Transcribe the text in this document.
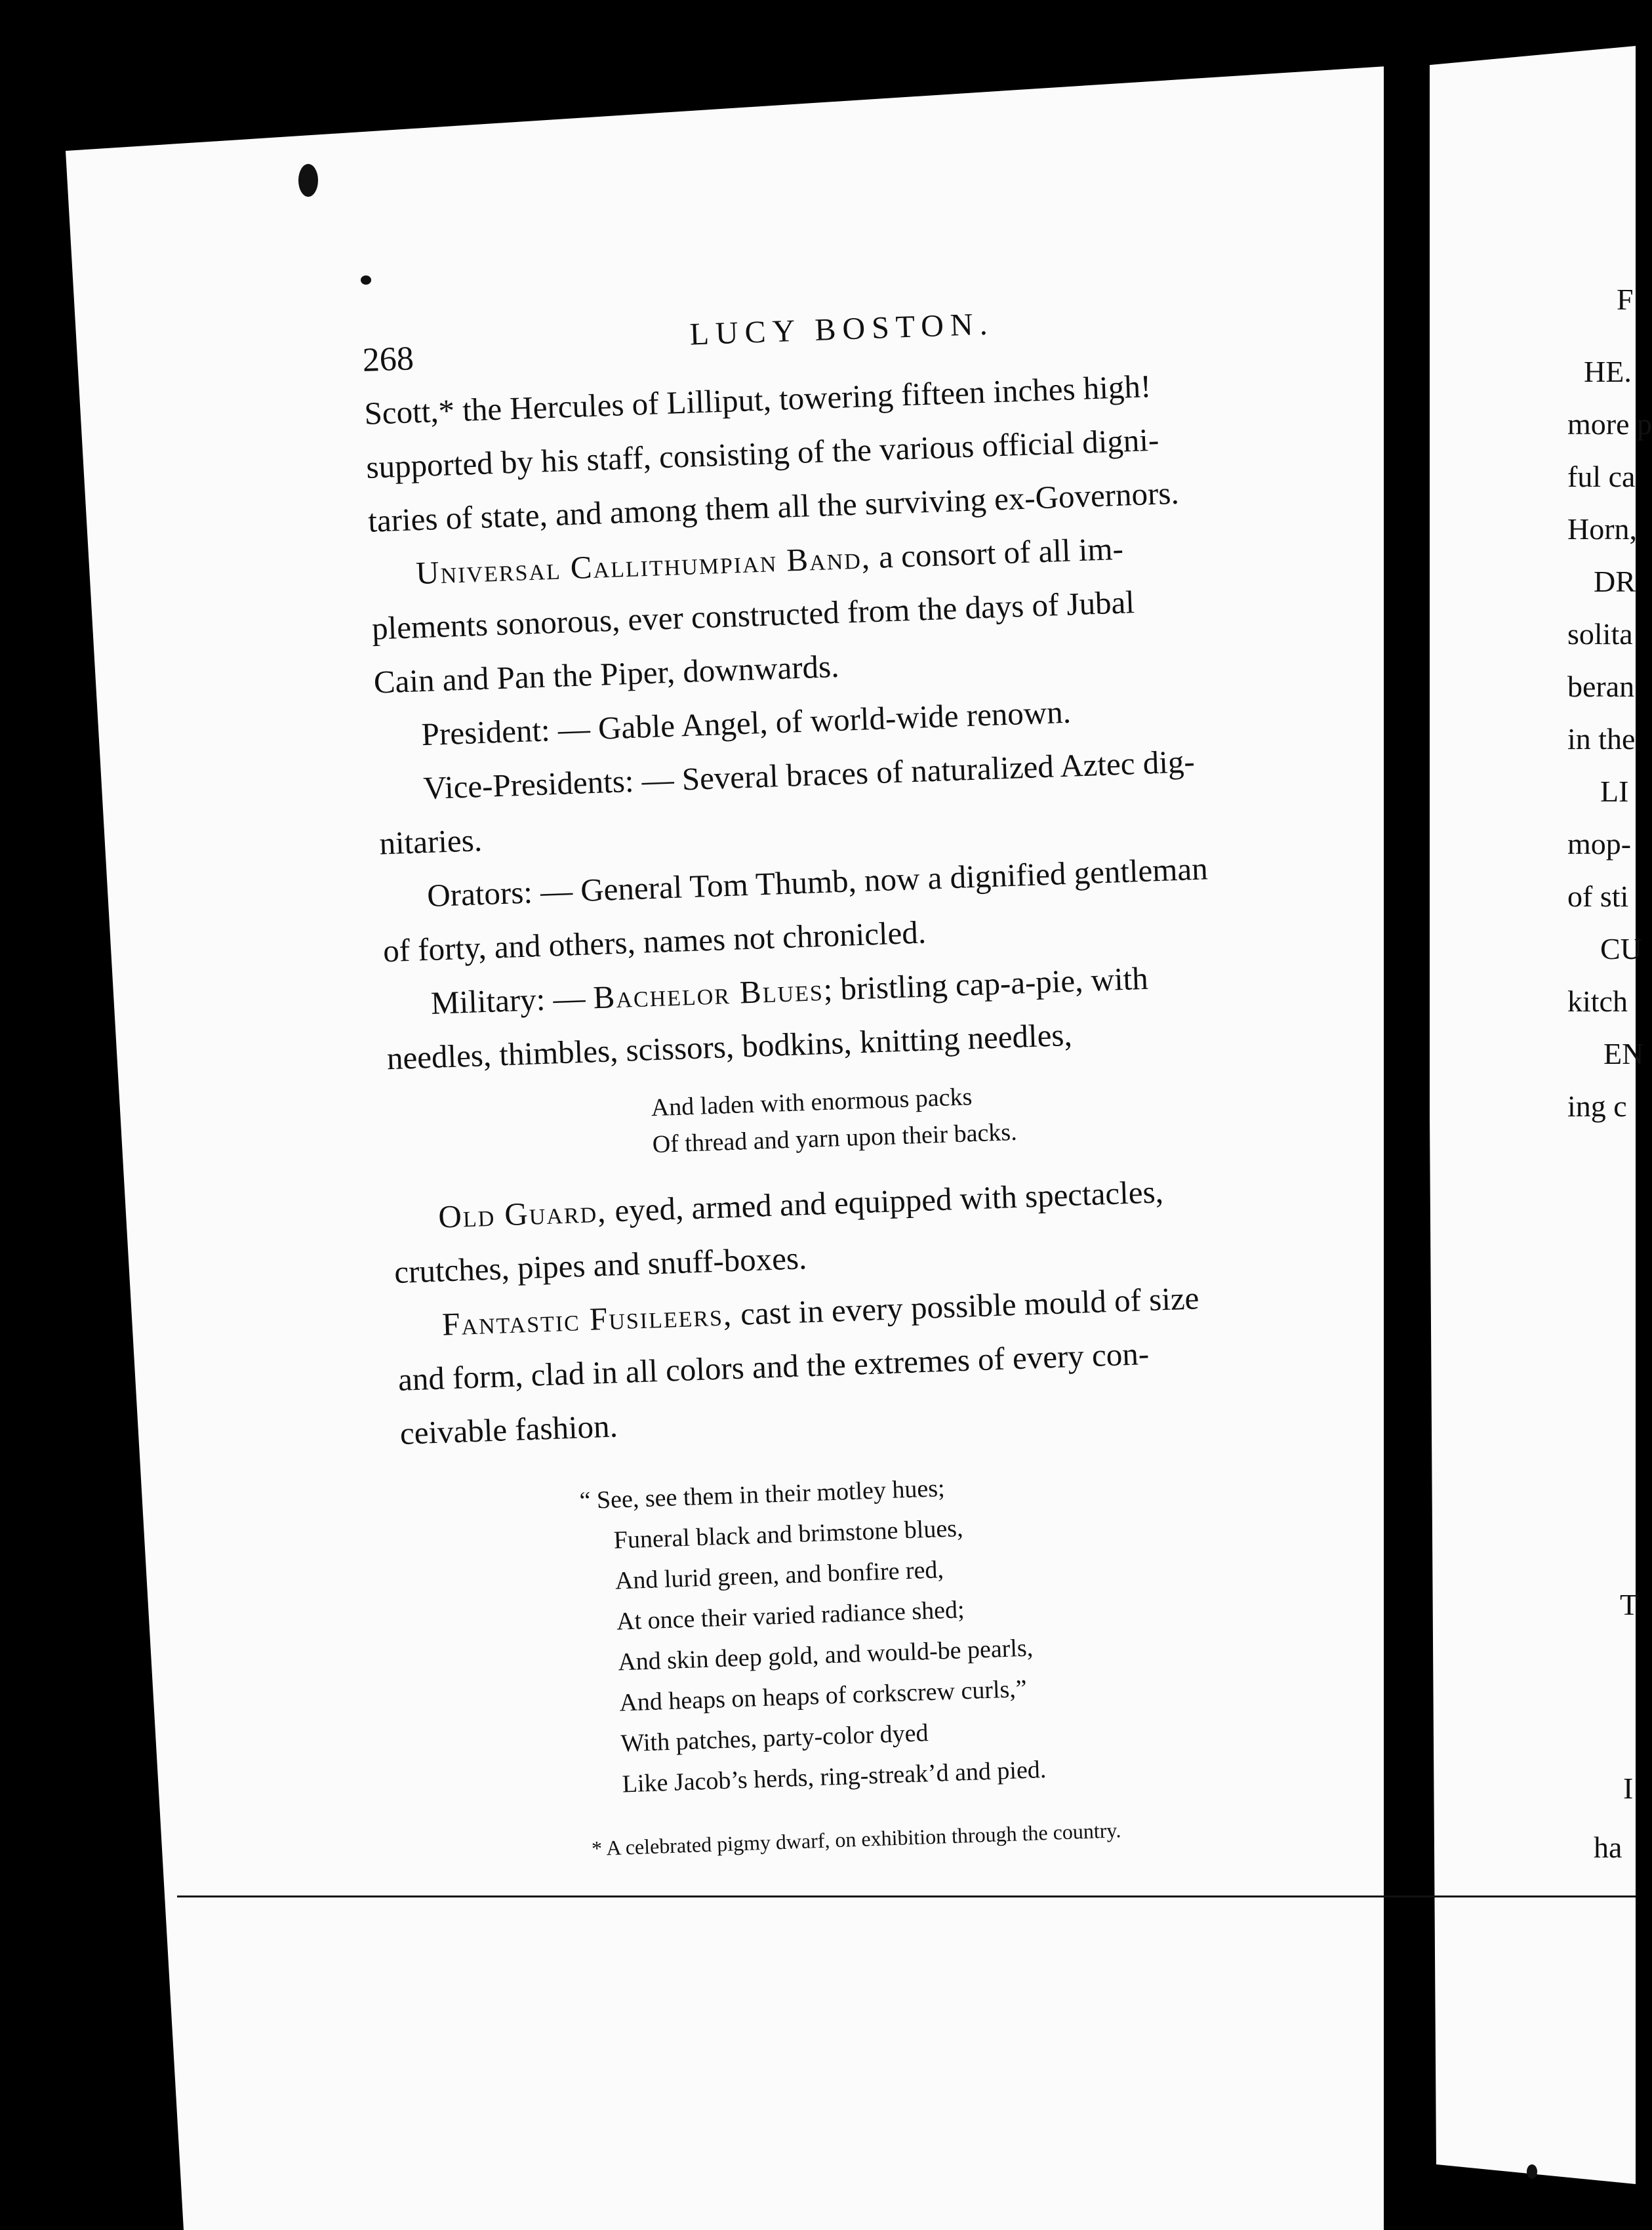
268
LUCY BOSTON.
Scott,* the Hercules of Lilliput, towering fifteen inches high!
supported by his staff, consisting of the various official digni-
taries of state, and among them all the surviving ex-Governors.
Universal Callithumpian Band, a consort of all im-
plements sonorous, ever constructed from the days of Jubal
Cain and Pan the Piper, downwards.
President: — Gable Angel, of world-wide renown.
Vice-Presidents: — Several braces of naturalized Aztec dig-
nitaries.
Orators: — General Tom Thumb, now a dignified gentleman
of forty, and others, names not chronicled.
Military: — Bachelor Blues; bristling cap-a-pie, with
needles, thimbles, scissors, bodkins, knitting needles,
And laden with enormous packs
Of thread and yarn upon their backs.
Old Guard, eyed, armed and equipped with spectacles,
crutches, pipes and snuff-boxes.
Fantastic Fusileers, cast in every possible mould of size
and form, clad in all colors and the extremes of every con-
ceivable fashion.
“ See, see them in their motley hues;
Funeral black and brimstone blues,
And lurid green, and bonfire red,
At once their varied radiance shed;
And skin deep gold, and would-be pearls,
And heaps on heaps of corkscrew curls,”
With patches, party-color dyed
Like Jacob’s herds, ring-streak’d and pied.
* A celebrated pigmy dwarf, on exhibition through the country.
F
HE.
more p
ful ca
Horn,
DR
solita
beran
in the
LI
mop-
of sti
CU
kitch
EN
ing c
T
I
ha
